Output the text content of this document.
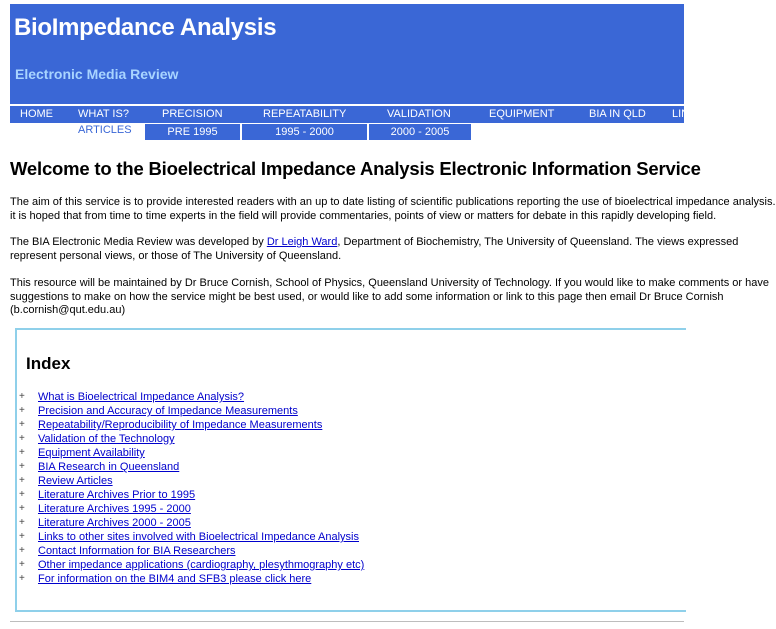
BioImpedance Analysis
Electronic Media Review
HOME WHAT IS?	PRECISION	REPEATABILITY	VALIDATION	EQUIPMENT	BIA IN QLD LINKS
ARTICLES	PRE 1995	1995 - 2000	2000 - 2005
Welcome to the Bioelectrical Impedance Analysis Electronic Information Service
The aim of this service is to provide interested readers with an up to date listing of scientific publications reporting the use of bioelectrical impedance analysis.
it is hoped that from time to time experts in the field will provide commentaries, points of view or matters for debate in this rapidly developing field.
The BIA Electronic Media Review was developed by Dr Leigh Ward, Department of Biochemistry, The University of Queensland. The views expressed
represent personal views, or those of The University of Queensland.
This resource will be maintained by Dr Bruce Cornish, School of Physics, Queensland University of Technology. If you would like to make comments or have
suggestions to make on how the service might be best used, or would like to add some information or link to this page then email Dr Bruce Cornish
(b.cornish@qut.edu.au)
Index
+ What is Bioelectrical Impedance Analysis?
+ Precision and Accuracy of Impedance Measurements
+ Repeatability/Reproducibility of Impedance Measurements
+ Validation of the Technology
+ Equipment Availability
+ BIA Research in Queensland
+ Review Articles
+ Literature Archives Prior to 1995
+ Literature Archives 1995 - 2000
+ Literature Archives 2000 - 2005
+ Links to other sites involved with Bioelectrical Impedance Analysis
+ Contact Information for BIA Researchers
+ Other impedance applications (cardiography, plesythmography etc)
+ For information on the BIM4 and SFB3 please click here
